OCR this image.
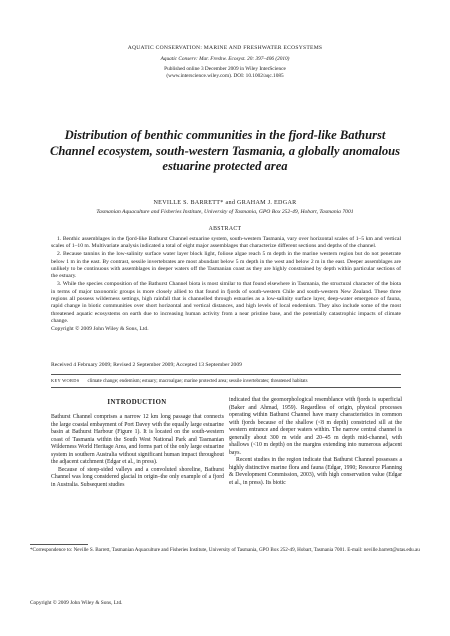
AQUATIC CONSERVATION: MARINE AND FRESHWATER ECOSYSTEMS
Aquatic Conserv: Mar. Freshw. Ecosyst. 20: 397–406 (2010)
Published online 3 December 2009 in Wiley InterScience
(www.interscience.wiley.com). DOI: 10.1002/aqc.1085
Distribution of benthic communities in the fjord-like Bathurst
Channel ecosystem, south-western Tasmania, a globally anomalous
estuarine protected area
NEVILLE S. BARRETT* and GRAHAM J. EDGAR
Tasmanian Aquaculture and Fisheries Institute, University of Tasmania, GPO Box 252-49, Hobart, Tasmania 7001
ABSTRACT

1. Benthic assemblages in the fjord-like Bathurst Channel estuarine system, south-western Tasmania, vary over horizontal scales of 1–5 km and vertical scales of 1–10 m. Multivariate analysis indicated a total of eight major assemblages that characterize different sections and depths of the channel.

2. Because tannins in the low-salinity surface water layer block light, foliose algae reach 5 m depth in the marine western region but do not penetrate below 1 m in the east. By contrast, sessile invertebrates are most abundant below 5 m depth in the west and below 2 m in the east. Deeper assemblages are unlikely to be continuous with assemblages in deeper waters off the Tasmanian coast as they are highly constrained by depth within particular sections of the estuary.

3. While the species composition of the Bathurst Channel biota is most similar to that found elsewhere in Tasmania, the structural character of the biota in terms of major taxonomic groups is more closely allied to that found in fjords of south-western Chile and south-western New Zealand. These three regions all possess wilderness settings, high rainfall that is channelled through estuaries as a low-salinity surface layer, deep-water emergence of fauna, rapid change in biotic communities over short horizontal and vertical distances, and high levels of local endemism. They also include some of the most threatened aquatic ecosystems on earth due to increasing human activity from a near pristine base, and the potentially catastrophic impacts of climate change.

Copyright © 2009 John Wiley & Sons, Ltd.

Received 4 February 2009; Revised 2 September 2009; Accepted 13 September 2009
KEY WORDS climate change; endemism; estuary; macroalgae; marine protected area; sessile invertebrates; threatened habitats
INTRODUCTION

Bathurst Channel comprises a narrow 12 km long passage that connects the large coastal embayment of Port Davey with the equally large estuarine basin at Bathurst Harbour (Figure 1). It is located on the south-western coast of Tasmania within the South West National Park and Tasmanian Wilderness World Heritage Area, and forms part of the only large estuarine system in southern Australia without significant human impact throughout the adjacent catchment (Edgar et al., in press).

Because of steep-sided valleys and a convoluted shoreline, Bathurst Channel was long considered glacial in origin–the only example of a fjord in Australia. Subsequent studies

indicated that the geomorphological resemblance with fjords is superficial (Baker and Ahmad, 1959). Regardless of origin, physical processes operating within Bathurst Channel have many characteristics in common with fjords because of the shallow (<8 m depth) constricted sill at the western entrance and deeper waters within. The narrow central channel is generally about 300 m wide and 20–45 m depth mid-channel, with shallows (<10 m depth) on the margins extending into numerous adjacent bays.

Recent studies in the region indicate that Bathurst Channel possesses a highly distinctive marine flora and fauna (Edgar, 1990; Resource Planning & Development Commission, 2003), with high conservation value (Edgar et al., in press). Its biotic

*Correspondence to: Neville S. Barrett, Tasmanian Aquaculture and Fisheries Institute, University of Tasmania, GPO Box 252-49, Hobart, Tasmania 7001. E-mail: neville.barrett@utas.edu.au
Copyright © 2009 John Wiley & Sons, Ltd.
